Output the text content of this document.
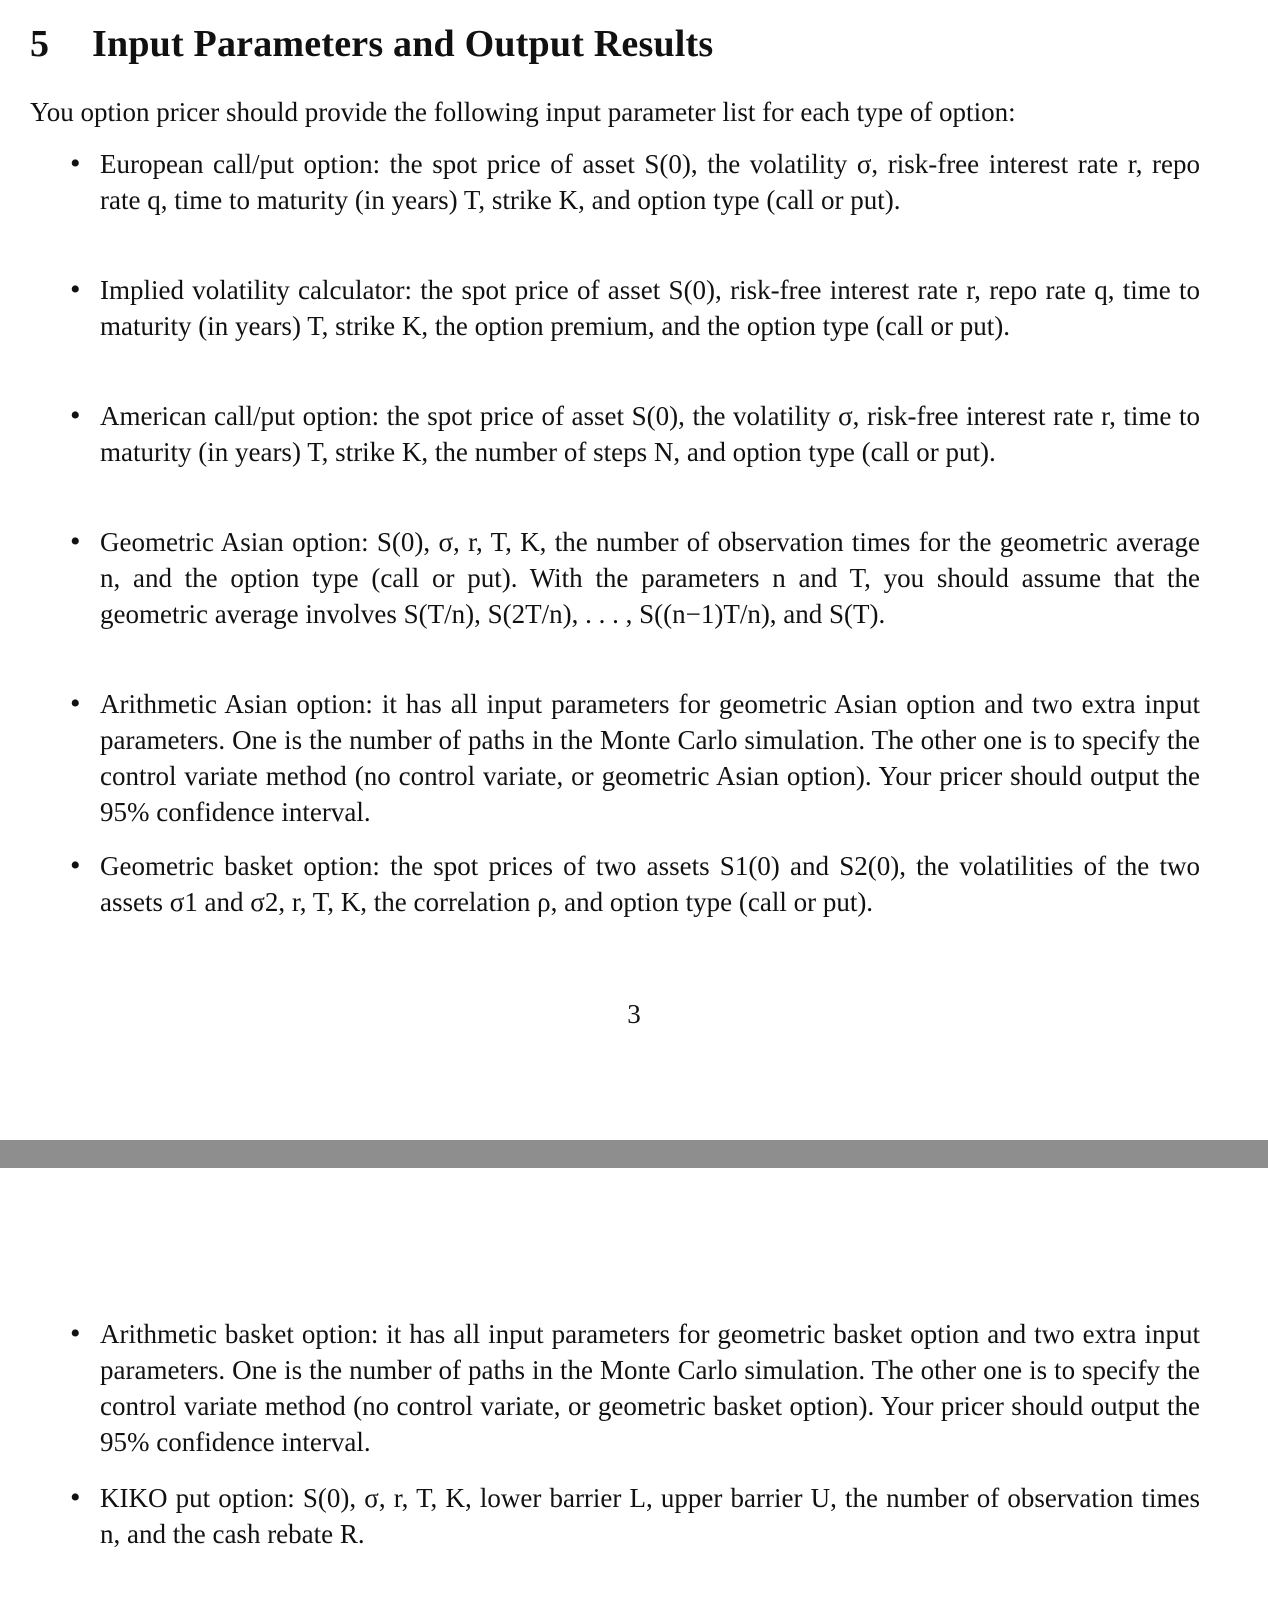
5 Input Parameters and Output Results

You option pricer should provide the following input parameter list for each type of option:

• European call/put option: the spot price of asset S(0), the volatility σ, risk-free interest rate r, repo rate q, time to maturity (in years) T, strike K, and option type (call or put).
• Implied volatility calculator: the spot price of asset S(0), risk-free interest rate r, repo rate q, time to maturity (in years) T, strike K, the option premium, and the option type (call or put).
• American call/put option: the spot price of asset S(0), the volatility σ, risk-free interest rate r, time to maturity (in years) T, strike K, the number of steps N, and option type (call or put).
• Geometric Asian option: S(0), σ, r, T, K, the number of observation times for the geometric average n, and the option type (call or put). With the parameters n and T, you should assume that the geometric average involves S(T/n), S(2T/n), . . . , S((n−1)T/n), and S(T).
• Arithmetic Asian option: it has all input parameters for geometric Asian option and two extra input parameters. One is the number of paths in the Monte Carlo simulation. The other one is to specify the control variate method (no control variate, or geometric Asian option). Your pricer should output the 95% confidence interval.
• Geometric basket option: the spot prices of two assets S1(0) and S2(0), the volatilities of the two assets σ1 and σ2, r, T, K, the correlation ρ, and option type (call or put).
3
• Arithmetic basket option: it has all input parameters for geometric basket option and two extra input parameters. One is the number of paths in the Monte Carlo simulation. The other one is to specify the control variate method (no control variate, or geometric basket option). Your pricer should output the 95% confidence interval.
• KIKO put option: S(0), σ, r, T, K, lower barrier L, upper barrier U, the number of observation times n, and the cash rebate R.
